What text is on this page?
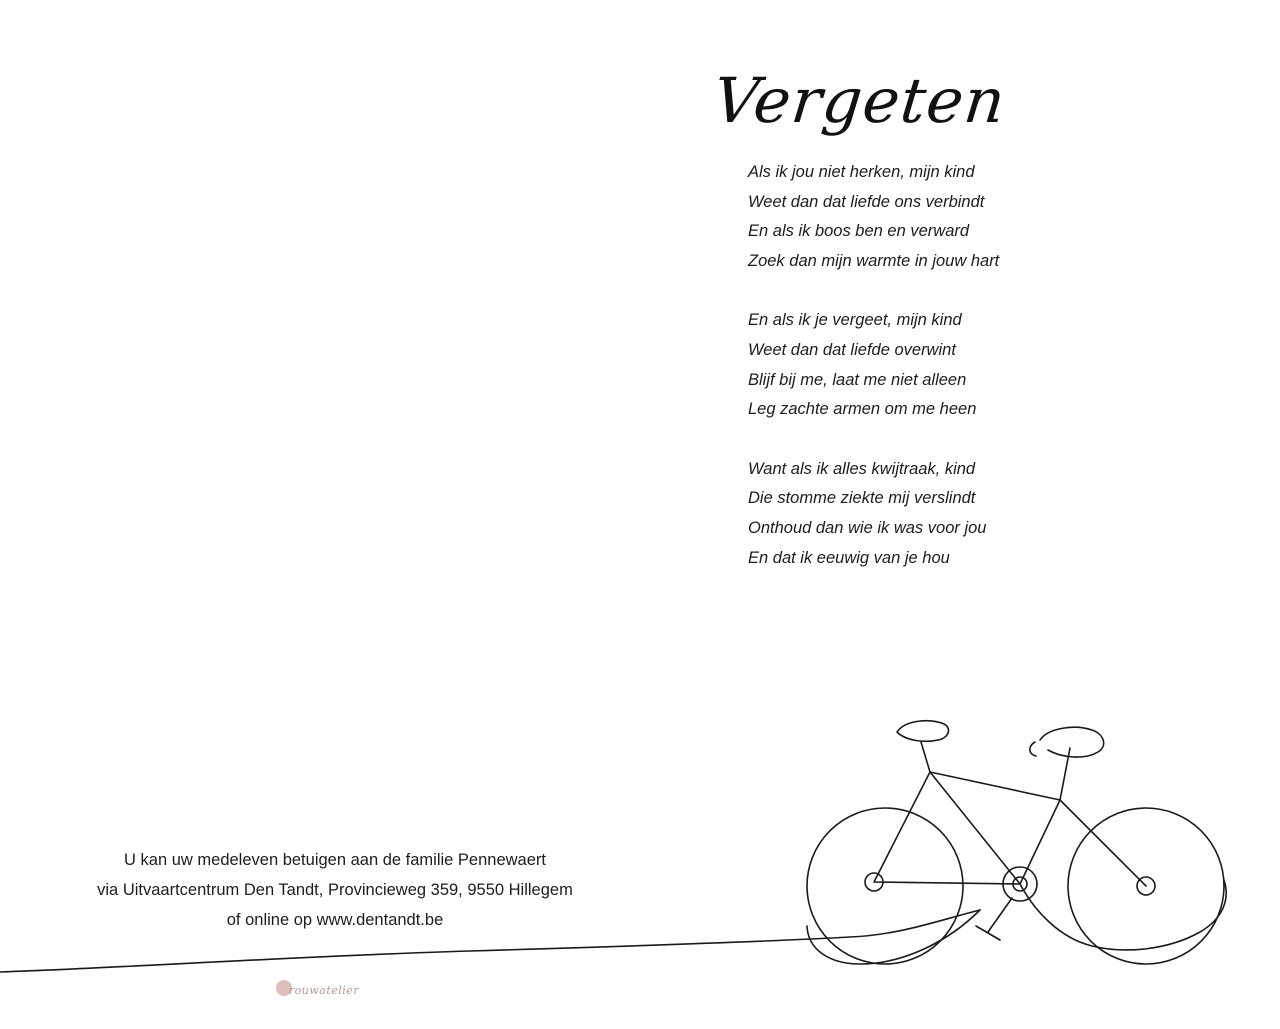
Vergeten
Als ik jou niet herken, mijn kind
Weet dan dat liefde ons verbindt
En als ik boos ben en verward
Zoek dan mijn warmte in jouw hart
En als ik je vergeet, mijn kind
Weet dan dat liefde overwint
Blijf bij me, laat me niet alleen
Leg zachte armen om me heen
Want als ik alles kwijtraak, kind
Die stomme ziekte mij verslindt
Onthoud dan wie ik was voor jou
En dat ik eeuwig van je hou
U kan uw medeleven betuigen aan de familie Pennewaert
via Uitvaartcentrum Den Tandt, Provincieweg 359, 9550 Hillegem
of online op www.dentandt.be
rouwatelier
